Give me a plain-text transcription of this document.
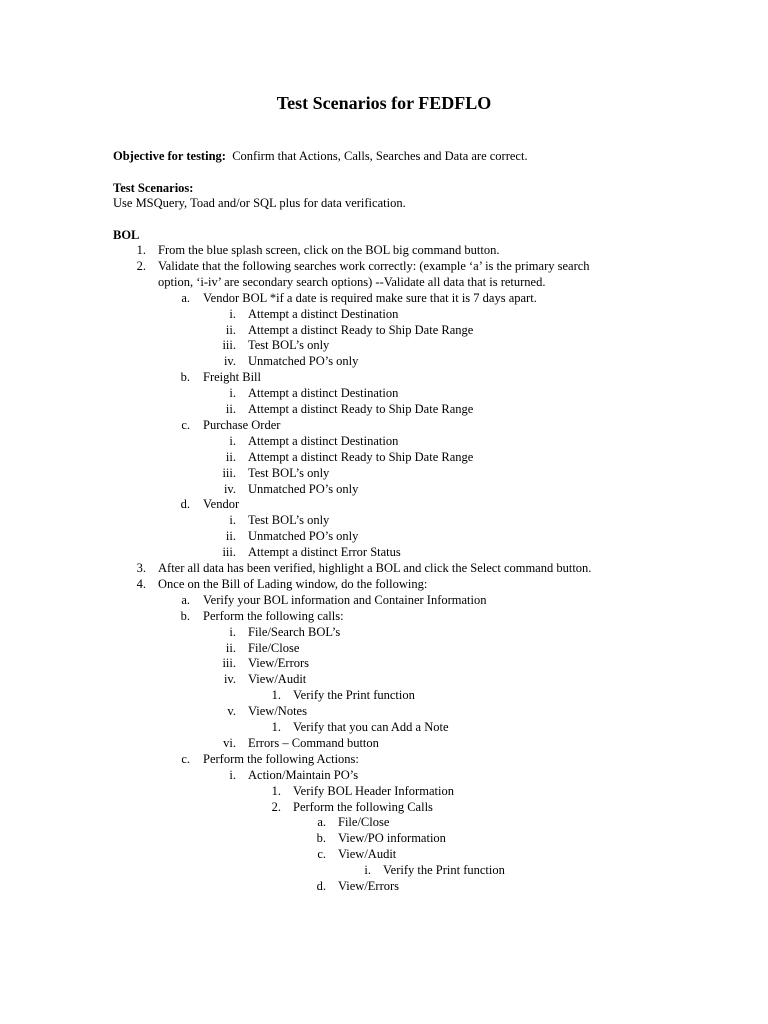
Test Scenarios for FEDFLO
Objective for testing: Confirm that Actions, Calls, Searches and Data are correct.
Test Scenarios:
Use MSQuery, Toad and/or SQL plus for data verification.
BOL
1. From the blue splash screen, click on the BOL big command button.
2. Validate that the following searches work correctly: (example ‘a’ is the primary search
option, ‘i-iv’ are secondary search options) --Validate all data that is returned.
a. Vendor BOL *if a date is required make sure that it is 7 days apart.
i. Attempt a distinct Destination
ii. Attempt a distinct Ready to Ship Date Range
iii. Test BOL’s only
iv. Unmatched PO’s only
b. Freight Bill
i. Attempt a distinct Destination
ii. Attempt a distinct Ready to Ship Date Range
c. Purchase Order
i. Attempt a distinct Destination
ii. Attempt a distinct Ready to Ship Date Range
iii. Test BOL’s only
iv. Unmatched PO’s only
d. Vendor
i. Test BOL’s only
ii. Unmatched PO’s only
iii. Attempt a distinct Error Status
3. After all data has been verified, highlight a BOL and click the Select command button.
4. Once on the Bill of Lading window, do the following:
a. Verify your BOL information and Container Information
b. Perform the following calls:
i. File/Search BOL’s
ii. File/Close
iii. View/Errors
iv. View/Audit
1. Verify the Print function
v. View/Notes
1. Verify that you can Add a Note
vi. Errors – Command button
c. Perform the following Actions:
i. Action/Maintain PO’s
1. Verify BOL Header Information
2. Perform the following Calls
a. File/Close
b. View/PO information
c. View/Audit
i. Verify the Print function
d. View/Errors
